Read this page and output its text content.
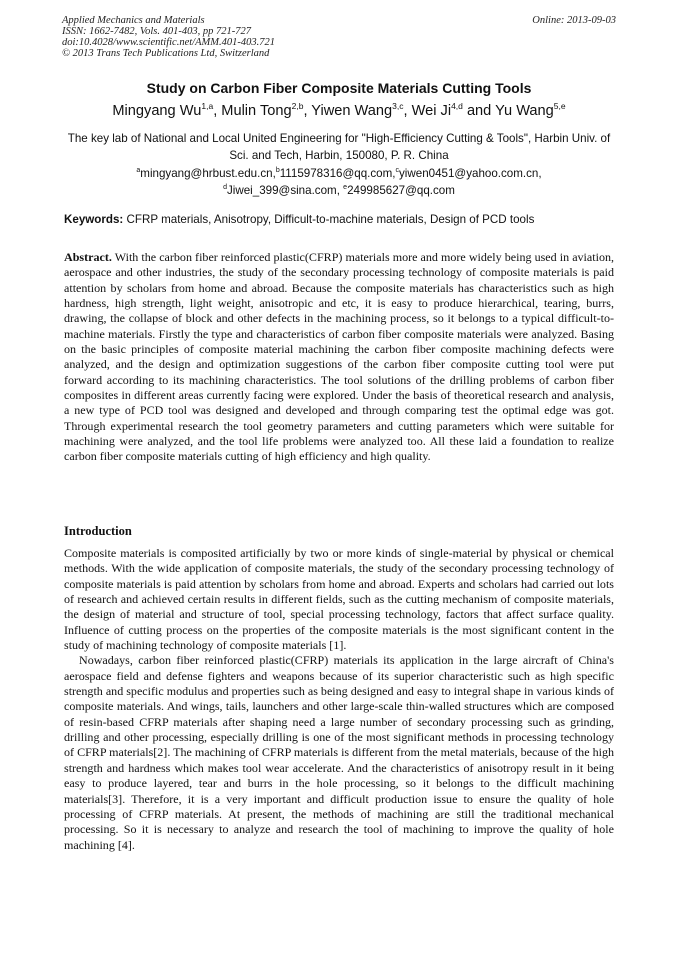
Applied Mechanics and Materials
ISSN: 1662-7482, Vols. 401-403, pp 721-727
doi:10.4028/www.scientific.net/AMM.401-403.721
© 2013 Trans Tech Publications Ltd, Switzerland
Online: 2013-09-03
Study on Carbon Fiber Composite Materials Cutting Tools
Mingyang Wu$^{1,a}$, Mulin Tong$^{2,b}$, Yiwen Wang$^{3,c}$, Wei Ji$^{4,d}$ and Yu Wang$^{5,e}$
The key lab of National and Local United Engineering for "High-Efficiency Cutting & Tools", Harbin Univ. of Sci. and Tech, Harbin, 150080, P. R. China
$^a$mingyang@hrbust.edu.cn,$^b$1115978316@qq.com,$^c$yiwen0451@yahoo.com.cn,
$^d$Jiwei_399@sina.com, $^e$249985627@qq.com
Keywords: CFRP materials, Anisotropy, Difficult-to-machine materials, Design of PCD tools
Abstract. With the carbon fiber reinforced plastic(CFRP) materials more and more widely being used in aviation, aerospace and other industries, the study of the secondary processing technology of composite materials is paid attention by scholars from home and abroad. Because the composite materials has characteristics such as high hardness, high strength, light weight, anisotropic and etc, it is easy to produce hierarchical, tearing, burrs, drawing, the collapse of block and other defects in the machining process, so it belongs to a typical difficult-to-machine materials. Firstly the type and characteristics of carbon fiber composite materials were analyzed. Basing on the basic principles of composite material machining the carbon fiber composite machining defects were analyzed, and the design and optimization suggestions of the carbon fiber composite cutting tool were put forward according to its machining characteristics. The tool solutions of the drilling problems of carbon fiber composites in different areas currently facing were explored. Under the basis of theoretical research and analysis, a new type of PCD tool was designed and developed and through comparing test the optimal edge was got. Through experimental research the tool geometry parameters and cutting parameters which were suitable for machining were analyzed, and the tool life problems were analyzed too. All these laid a foundation to realize carbon fiber composite materials cutting of high efficiency and high quality.
Introduction

Composite materials is composited artificially by two or more kinds of single-material by physical or chemical methods. With the wide application of composite materials, the study of the secondary processing technology of composite materials is paid attention by scholars from home and abroad. Experts and scholars had carried out lots of research and achieved certain results in different fields, such as the cutting mechanism of composite materials, the design of material and structure of tool, special processing technology, factors that affect surface quality. Influence of cutting process on the properties of the composite materials is the most significant content in the study of machining technology of composite materials [1].

Nowadays, carbon fiber reinforced plastic(CFRP) materials its application in the large aircraft of China's aerospace field and defense fighters and weapons because of its superior characteristic such as high specific strength and specific modulus and properties such as being designed and easy to integral shape in various kinds of composite materials. And wings, tails, launchers and other large-scale thin-walled structures which are composed of resin-based CFRP materials after shaping need a large number of secondary processing such as grinding, drilling and other processing, especially drilling is one of the most significant methods in processing technology of CFRP materials[2]. The machining of CFRP materials is different from the metal materials, because of the high strength and hardness which makes tool wear accelerate. And the characteristics of anisotropy result in it being easy to produce layered, tear and burrs in the hole processing, so it belongs to the difficult machining materials[3]. Therefore, it is a very important and difficult production issue to ensure the quality of hole processing of CFRP materials. At present, the methods of machining are still the traditional mechanical processing. So it is necessary to analyze and research the tool of machining to improve the quality of hole machining [4].
